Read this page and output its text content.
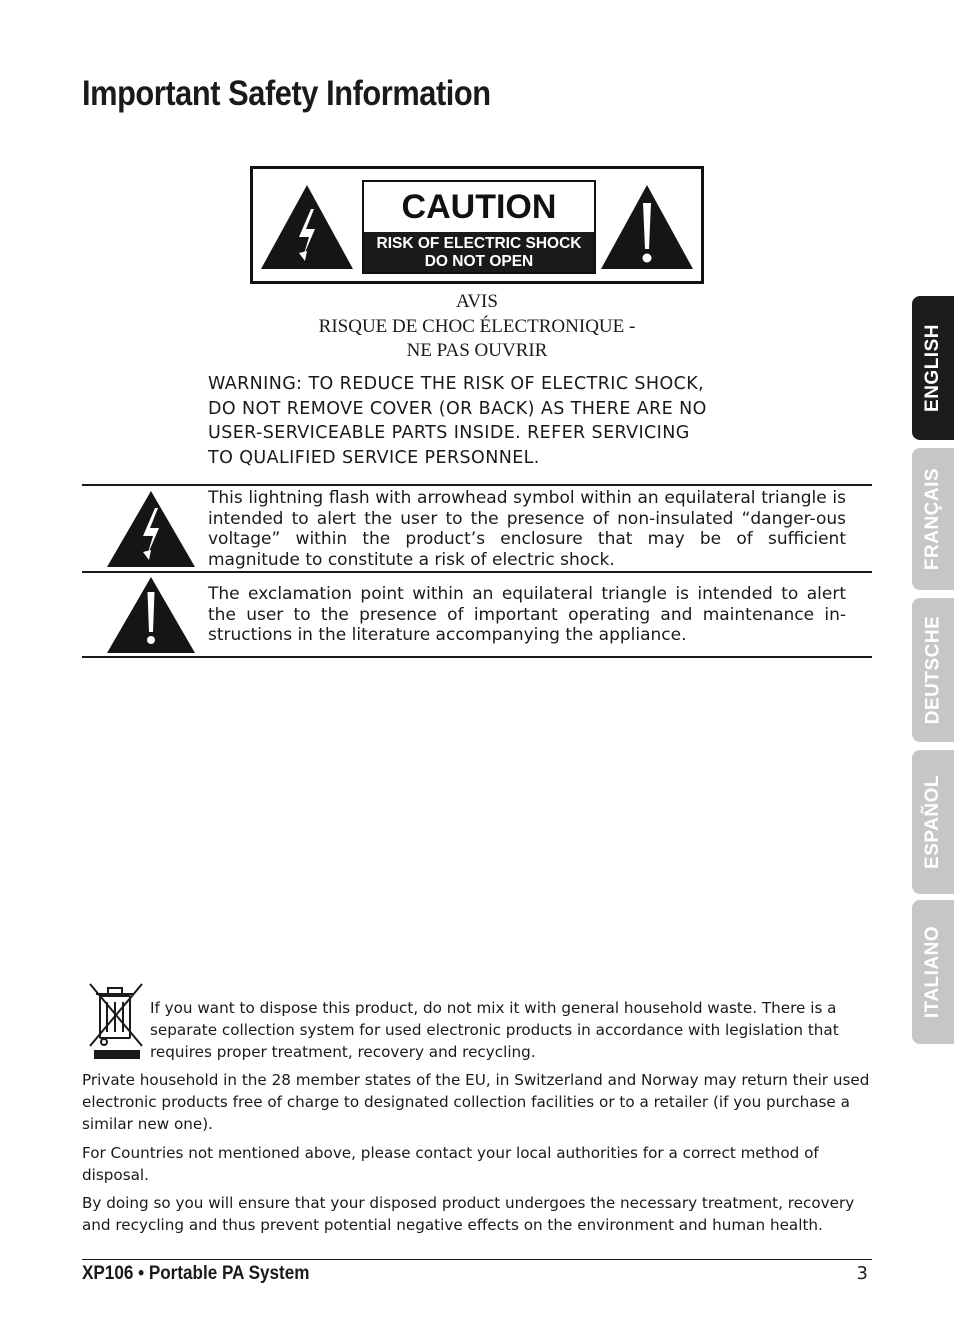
Important Safety Information
CAUTION
RISK OF ELECTRIC SHOCK
DO NOT OPEN
AVIS
RISQUE DE CHOC ÉLECTRONIQUE -
NE PAS OUVRIR
WARNING: TO REDUCE THE RISK OF ELECTRIC SHOCK,
DO NOT REMOVE COVER (OR BACK) AS THERE ARE NO
USER-SERVICEABLE PARTS INSIDE. REFER SERVICING
TO QUALIFIED SERVICE PERSONNEL.
This lightning flash with arrowhead symbol within an equilateral triangle is intended to alert the user to the presence of non-insulated “danger-ous voltage” within the product’s enclosure that may be of sufficient magnitude to constitute a risk of electric shock.
The exclamation point within an equilateral triangle is intended to alert the user to the presence of important operating and maintenance in-structions in the literature accompanying the appliance.
ENGLISH
FRANÇAIS
DEUTSCHE
ESPAÑOL
ITALIANO
If you want to dispose this product, do not mix it with general household waste. There is a separate collection system for used electronic products in accordance with legislation that requires proper treatment, recovery and recycling.
Private household in the 28 member states of the EU, in Switzerland and Norway may return their used electronic products free of charge to designated collection facilities or to a retailer (if you purchase a similar new one).
For Countries not mentioned above, please contact your local authorities for a correct method of disposal.
By doing so you will ensure that your disposed product undergoes the necessary treatment, recovery and recycling and thus prevent potential negative effects on the environment and human health.
XP106 • Portable PA System	3
